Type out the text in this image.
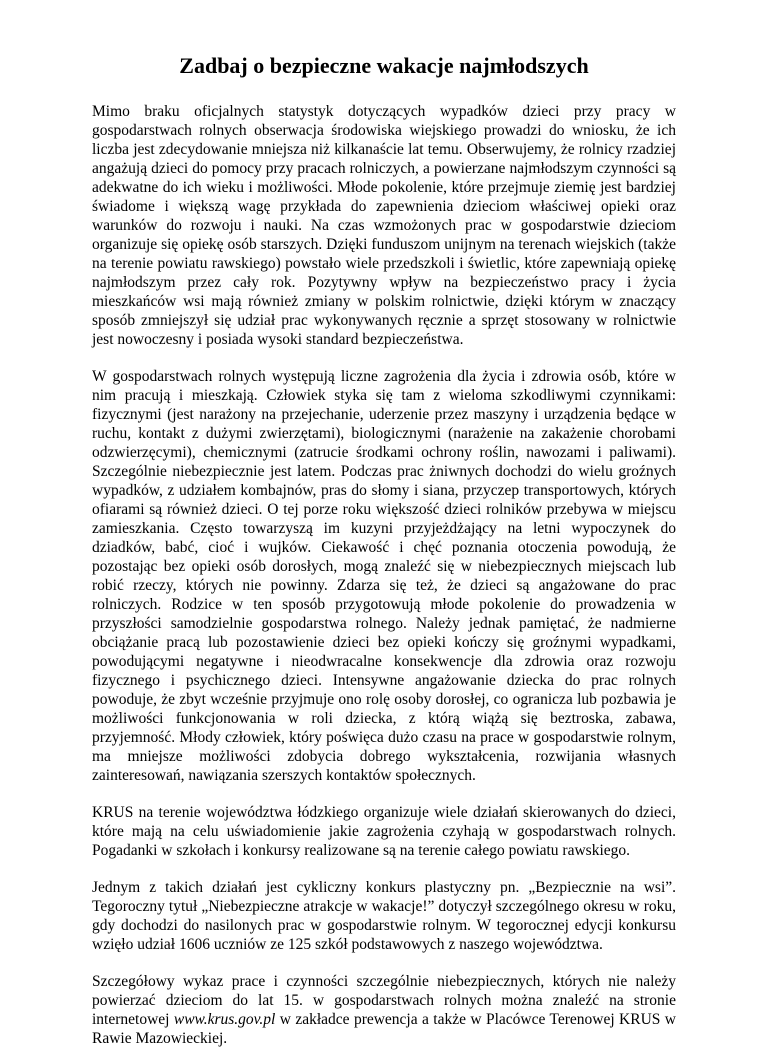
Zadbaj o bezpieczne wakacje najmłodszych

Mimo braku oficjalnych statystyk dotyczących wypadków dzieci przy pracy w gospodarstwach rolnych obserwacja środowiska wiejskiego prowadzi do wniosku, że ich liczba jest zdecydowanie mniejsza niż kilkanaście lat temu. Obserwujemy, że rolnicy rzadziej angażują dzieci do pomocy przy pracach rolniczych, a powierzane najmłodszym czynności są adekwatne do ich wieku i możliwości. Młode pokolenie, które przejmuje ziemię jest bardziej świadome i większą wagę przykłada do zapewnienia dzieciom właściwej opieki oraz warunków do rozwoju i nauki. Na czas wzmożonych prac w gospodarstwie dzieciom organizuje się opiekę osób starszych. Dzięki funduszom unijnym na terenach wiejskich (także na terenie powiatu rawskiego) powstało wiele przedszkoli i świetlic, które zapewniają opiekę najmłodszym przez cały rok. Pozytywny wpływ na bezpieczeństwo pracy i życia mieszkańców wsi mają również zmiany w polskim rolnictwie, dzięki którym w znaczący sposób zmniejszył się udział prac wykonywanych ręcznie a sprzęt stosowany w rolnictwie jest nowoczesny i posiada wysoki standard bezpieczeństwa.

W gospodarstwach rolnych występują liczne zagrożenia dla życia i zdrowia osób, które w nim pracują i mieszkają. Człowiek styka się tam z wieloma szkodliwymi czynnikami: fizycznymi (jest narażony na przejechanie, uderzenie przez maszyny i urządzenia będące w ruchu, kontakt z dużymi zwierzętami), biologicznymi (narażenie na zakażenie chorobami odzwierzęcymi), chemicznymi (zatrucie środkami ochrony roślin, nawozami i paliwami). Szczególnie niebezpiecznie jest latem. Podczas prac żniwnych dochodzi do wielu groźnych wypadków, z udziałem kombajnów, pras do słomy i siana, przyczep transportowych, których ofiarami są również dzieci. O tej porze roku większość dzieci rolników przebywa w miejscu zamieszkania. Często towarzyszą im kuzyni przyjeżdżający na letni wypoczynek do dziadków, babć, cioć i wujków. Ciekawość i chęć poznania otoczenia powodują, że pozostając bez opieki osób dorosłych, mogą znaleźć się w niebezpiecznych miejscach lub robić rzeczy, których nie powinny. Zdarza się też, że dzieci są angażowane do prac rolniczych. Rodzice w ten sposób przygotowują młode pokolenie do prowadzenia w przyszłości samodzielnie gospodarstwa rolnego. Należy jednak pamiętać, że nadmierne obciążanie pracą lub pozostawienie dzieci bez opieki kończy się groźnymi wypadkami, powodującymi negatywne i nieodwracalne konsekwencje dla zdrowia oraz rozwoju fizycznego i psychicznego dzieci. Intensywne angażowanie dziecka do prac rolnych powoduje, że zbyt wcześnie przyjmuje ono rolę osoby dorosłej, co ogranicza lub pozbawia je możliwości funkcjonowania w roli dziecka, z którą wiążą się beztroska, zabawa, przyjemność. Młody człowiek, który poświęca dużo czasu na prace w gospodarstwie rolnym, ma mniejsze możliwości zdobycia dobrego wykształcenia, rozwijania własnych zainteresowań, nawiązania szerszych kontaktów społecznych.

KRUS na terenie województwa łódzkiego organizuje wiele działań skierowanych do dzieci, które mają na celu uświadomienie jakie zagrożenia czyhają w gospodarstwach rolnych. Pogadanki w szkołach i konkursy realizowane są na terenie całego powiatu rawskiego.

Jednym z takich działań jest cykliczny konkurs plastyczny pn. „Bezpiecznie na wsi”. Tegoroczny tytuł „Niebezpieczne atrakcje w wakacje!” dotyczył szczególnego okresu w roku, gdy dochodzi do nasilonych prac w gospodarstwie rolnym. W tegorocznej edycji konkursu wzięło udział 1606 uczniów ze 125 szkół podstawowych z naszego województwa.

Szczegółowy wykaz prace i czynności szczególnie niebezpiecznych, których nie należy powierzać dzieciom do lat 15. w gospodarstwach rolnych można znaleźć na stronie internetowej www.krus.gov.pl w zakładce prewencja a także w Placówce Terenowej KRUS w Rawie Mazowieckiej.
